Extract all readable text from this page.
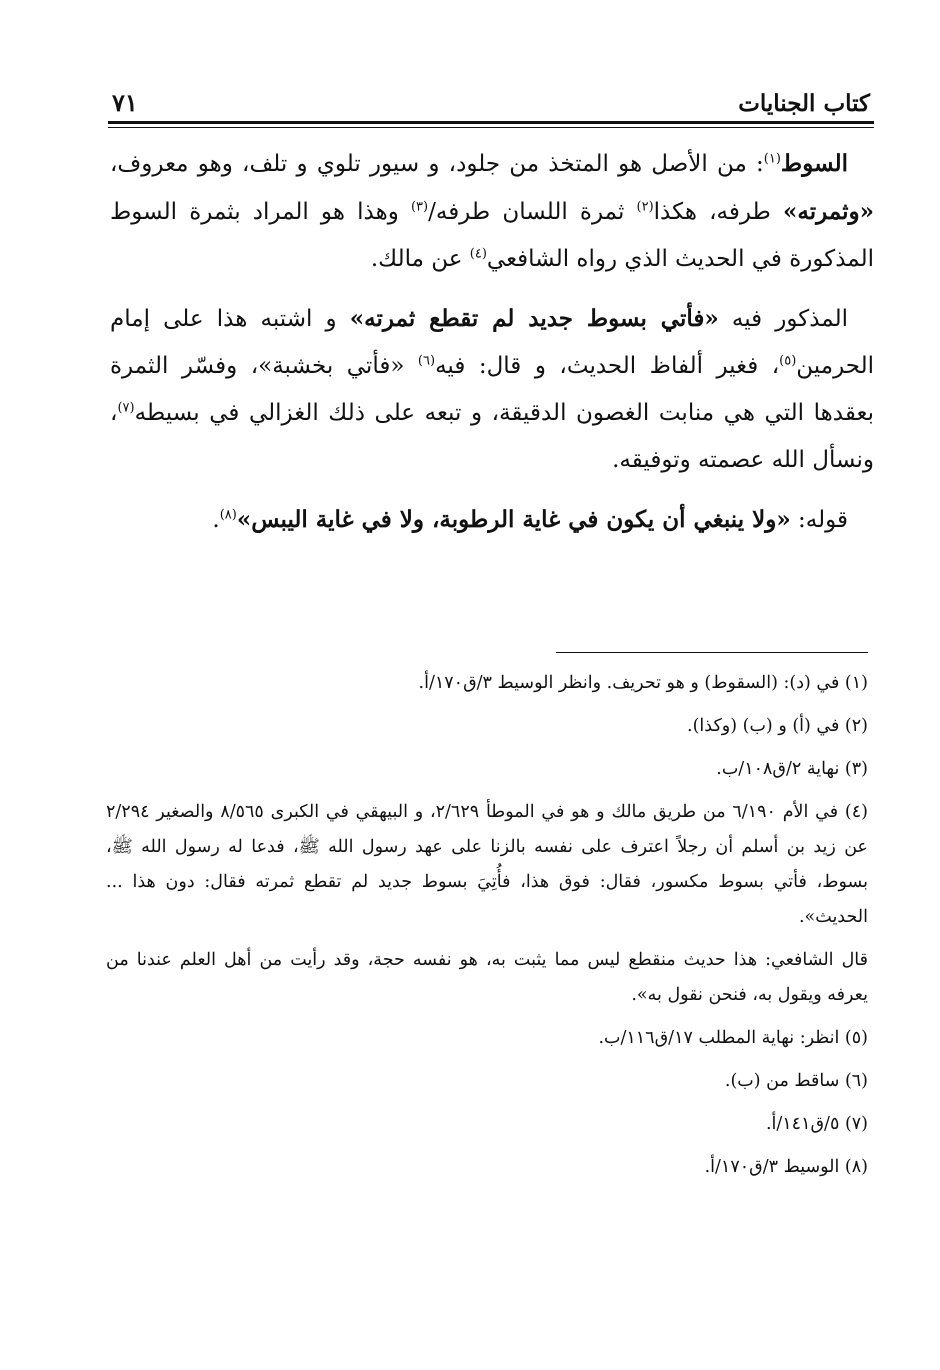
كتاب الجنايات
٧١

السوط$^{(١)}$: من الأصل هو المتخذ من جلود، و سيور تلوي و تلف، وهو معروف، «وثمرته» طرفه، هكذا$^{(٢)}$ ثمرة اللسان طرفه/$^{(٣)}$ وهذا هو المراد بثمرة السوط المذكورة في الحديث الذي رواه الشافعي$^{(٤)}$ عن مالك.

المذكور فيه «فأتي بسوط جديد لم تقطع ثمرته» و اشتبه هذا على إمام الحرمين$^{(٥)}$، فغير ألفاظ الحديث، و قال: فيه$^{(٦)}$ «فأتي بخشبة»، وفسّر الثمرة بعقدها التي هي منابت الغصون الدقيقة، و تبعه على ذلك الغزالي في بسيطه$^{(٧)}$، ونسأل الله عصمته وتوفيقه.

قوله: «ولا ينبغي أن يكون في غاية الرطوبة، ولا في غاية اليبس»$^{(٨)}$.

(١) في (د): (السقوط) و هو تحريف. وانظر الوسيط ٣/ق١٧٠/أ.
(٢) في (أ) و (ب) (وكذا).
(٣) نهاية ٢/ق١٠٨/ب.
(٤) في الأم ٦/١٩٠ من طريق مالك و هو في الموطأ ٢/٦٢٩، و البيهقي في الكبرى ٨/٥٦٥ والصغير ٢/٢٩٤ عن زيد بن أسلم أن رجلاً اعترف على نفسه بالزنا على عهد رسول الله ﷺ، فدعا له رسول الله ﷺ، بسوط، فأتي بسوط مكسور، فقال: فوق هذا، فأُتِيَ بسوط جديد لم تقطع ثمرته فقال: دون هذا ... الحديث».
قال الشافعي: هذا حديث منقطع ليس مما يثبت به، هو نفسه حجة، وقد رأيت من أهل العلم عندنا من يعرفه ويقول به، فنحن نقول به».
(٥) انظر: نهاية المطلب ١٧/ق١١٦/ب.
(٦) ساقط من (ب).
(٧) ٥/ق١٤١/أ.
(٨) الوسيط ٣/ق١٧٠/أ.
